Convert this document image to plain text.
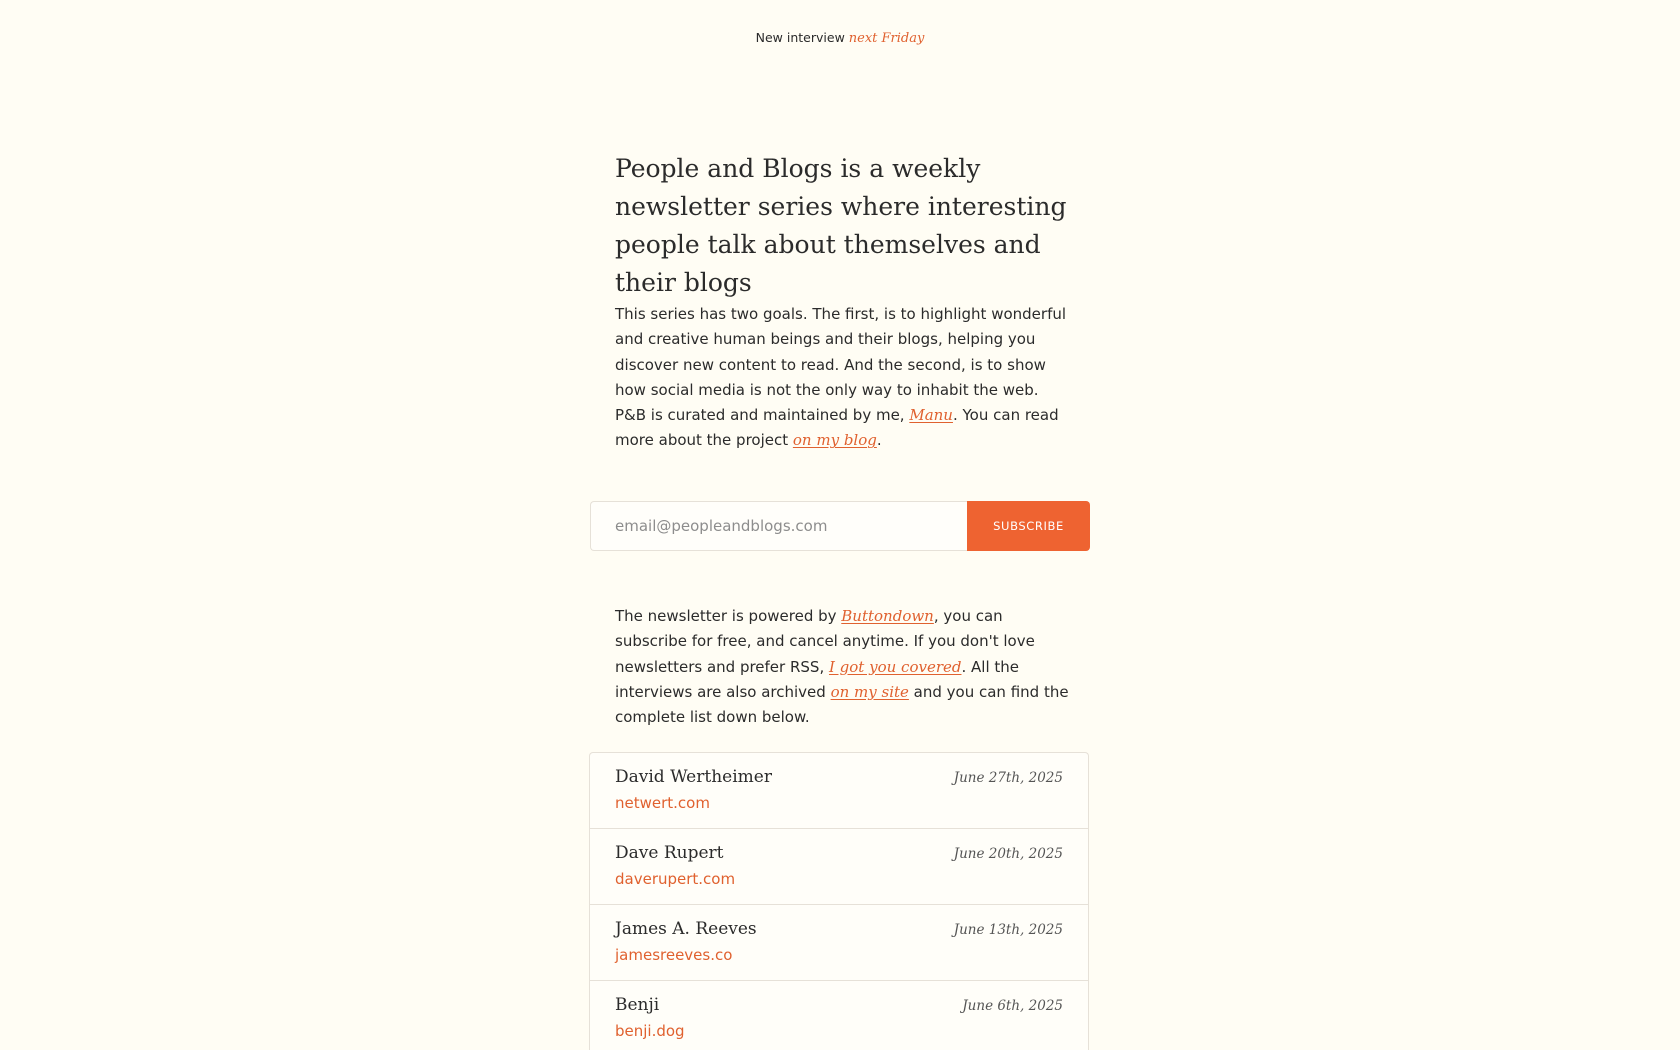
New interview next Friday
People and Blogs is a weekly newsletter series where interesting people talk about themselves and their blogs

This series has two goals. The first, is to highlight wonderful and creative human beings and their blogs, helping you discover new content to read. And the second, is to show how social media is not the only way to inhabit the web. P&B is curated and maintained by me, Manu. You can read more about the project on my blog.

email@peopleandblogs.com
SUBSCRIBE

The newsletter is powered by Buttondown, you can subscribe for free, and cancel anytime. If you don't love newsletters and prefer RSS, I got you covered. All the interviews are also archived on my site and you can find the complete list down below.

David Wertheimer
netwert.com
June 27th, 2025
Dave Rupert
daverupert.com
June 20th, 2025
James A. Reeves
jamesreeves.co
June 13th, 2025
Benji
benji.dog
June 6th, 2025
